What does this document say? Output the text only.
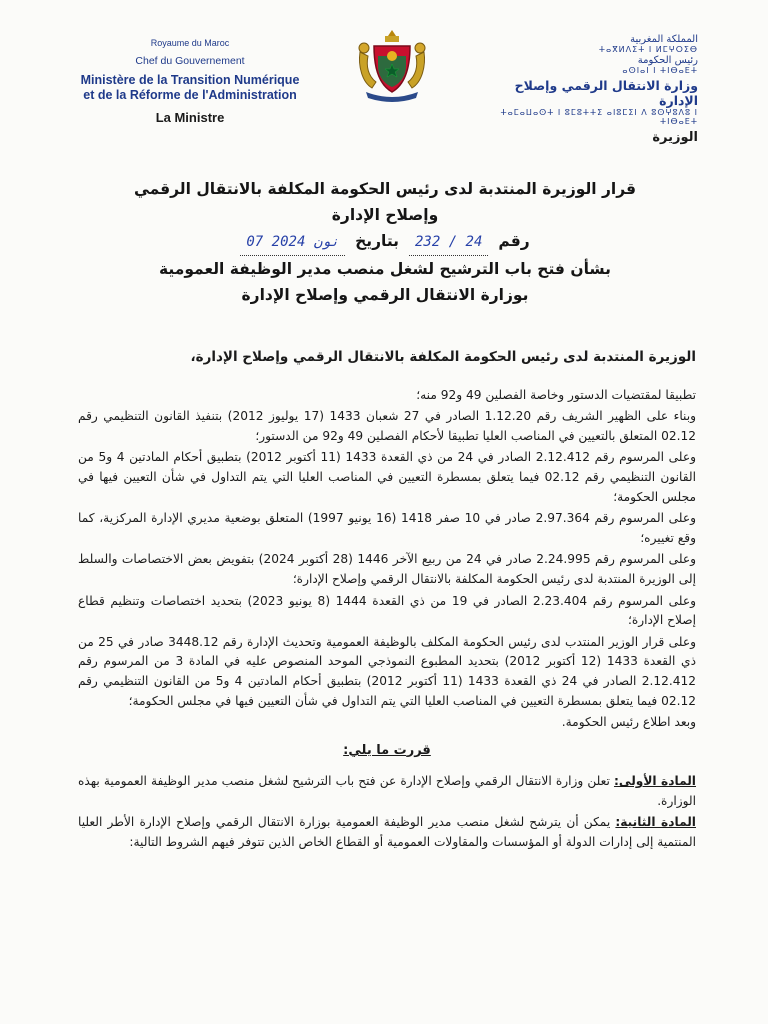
Royaume du Maroc
Chef du Gouvernement
Ministère de la Transition Numérique
et de la Réforme de l'Administration
La Ministre
المملكة المغربية
ⵜⴰⴳⵍⴷⵉⵜ ⵏ ⵍⵎⵖⵔⵉⴱ
رئيس الحكومة
ⴰⵙⵏⴰⵏ ⵏ ⵜⵏⴱⴰⴹⵜ
وزارة الانتقال الرقمي وإصلاح الإدارة
ⵜⴰⵎⴰⵡⴰⵙⵜ ⵏ ⵓⵎⵓⵜⵜⵉ ⴰⵏⵓⵎⵉⵏ ⴷ ⵓⵙⵖⵓⴷⵓ ⵏ ⵜⵏⴱⴰⴹⵜ
الوزيرة
قرار الوزيرة المنتدبة لدى رئيس الحكومة المكلفة بالانتقال الرقمي وإصلاح الإدارة
رقم
232 / 24
بتاريخ
07 نون 2024
بشأن فتح باب الترشيح لشغل منصب مدير الوظيفة العمومية
بوزارة الانتقال الرقمي وإصلاح الإدارة

الوزيرة المنتدبة لدى رئيس الحكومة المكلفة بالانتقال الرقمي وإصلاح الإدارة،

تطبيقا لمقتضيات الدستور وخاصة الفصلين 49 و92 منه؛

وبناء على الظهير الشريف رقم 1.12.20 الصادر في 27 شعبان 1433 (17 يوليوز 2012) بتنفيذ القانون التنظيمي رقم 02.12 المتعلق بالتعيين في المناصب العليا تطبيقا لأحكام الفصلين 49 و92 من الدستور؛

وعلى المرسوم رقم 2.12.412 الصادر في 24 من ذي القعدة 1433 (11 أكتوبر 2012) بتطبيق أحكام المادتين 4 و5 من القانون التنظيمي رقم 02.12 فيما يتعلق بمسطرة التعيين في المناصب العليا التي يتم التداول في شأن التعيين فيها في مجلس الحكومة؛

وعلى المرسوم رقم 2.97.364 صادر في 10 صفر 1418 (16 يونيو 1997) المتعلق بوضعية مديري الإدارة المركزية، كما وقع تغييره؛

وعلى المرسوم رقم 2.24.995 صادر في 24 من ربيع الآخر 1446 (28 أكتوبر 2024) بتفويض بعض الاختصاصات والسلط إلى الوزيرة المنتدبة لدى رئيس الحكومة المكلفة بالانتقال الرقمي وإصلاح الإدارة؛

وعلى المرسوم رقم 2.23.404 الصادر في 19 من ذي القعدة 1444 (8 يونيو 2023) بتحديد اختصاصات وتنظيم قطاع إصلاح الإدارة؛

وعلى قرار الوزير المنتدب لدى رئيس الحكومة المكلف بالوظيفة العمومية وتحديث الإدارة رقم 3448.12 صادر في 25 من ذي القعدة 1433 (12 أكتوبر 2012) بتحديد المطبوع النموذجي الموحد المنصوص عليه في المادة 3 من المرسوم رقم 2.12.412 الصادر في 24 ذي القعدة 1433 (11 أكتوبر 2012) بتطبيق أحكام المادتين 4 و5 من القانون التنظيمي رقم 02.12 فيما يتعلق بمسطرة التعيين في المناصب العليا التي يتم التداول في شأن التعيين فيها في مجلس الحكومة؛

وبعد اطلاع رئيس الحكومة.

قررت ما يلي:

المادة الأولى: تعلن وزارة الانتقال الرقمي وإصلاح الإدارة عن فتح باب الترشيح لشغل منصب مدير الوظيفة العمومية بهذه الوزارة.

المادة الثانية: يمكن أن يترشح لشغل منصب مدير الوظيفة العمومية بوزارة الانتقال الرقمي وإصلاح الإدارة الأطر العليا المنتمية إلى إدارات الدولة أو المؤسسات والمقاولات العمومية أو القطاع الخاص الذين تتوفر فيهم الشروط التالية:
